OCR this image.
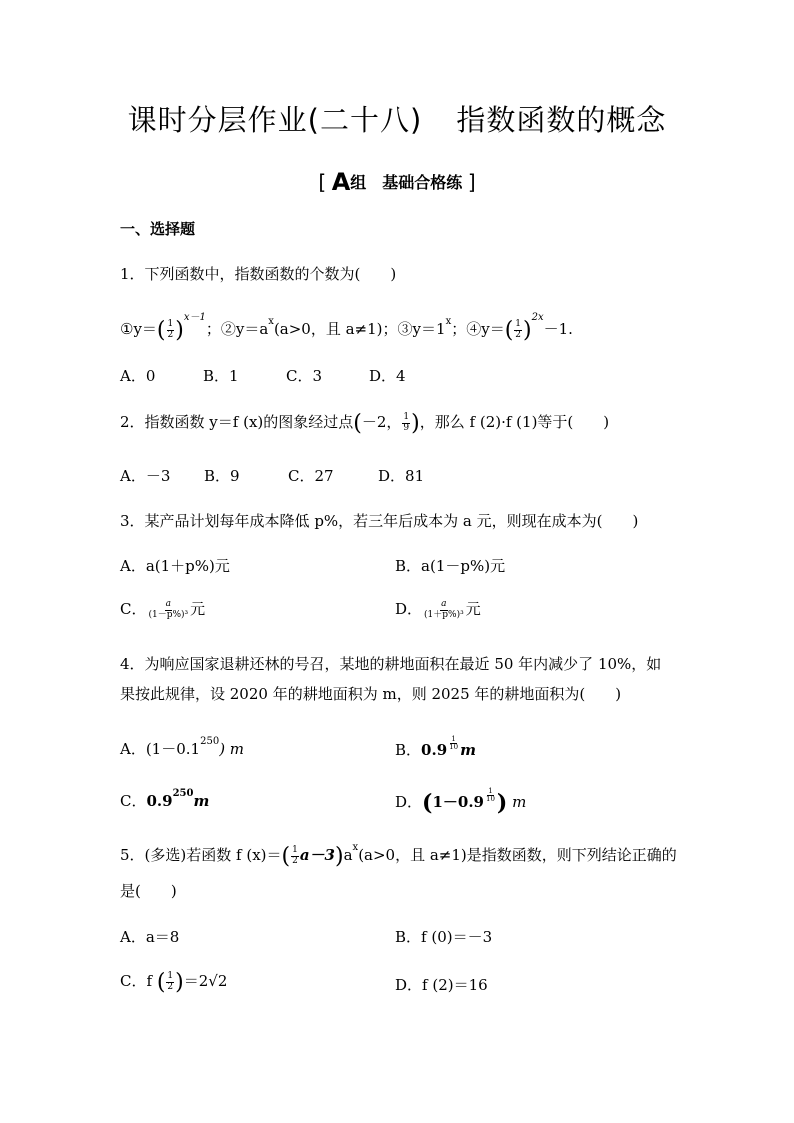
课时分层作业(二十八) 指数函数的概念
[ A组　基础合格练 ]
一、选择题
1．下列函数中，指数函数的个数为(　　)
①y＝( $\frac{1}{2} )^{x-1}$；$②y=a^x(a>0$，且 a≠1)；$③y=1^x$；④y＝( $\frac{1}{2} )^{2x}-1$.
A．0	B．1	C．3	D．4
2．指数函数 y＝f (x)的图象经过点(－2， $\frac{1}{9}$ )，那么 f (2)·f (1)等于(　　)
A．－3 B．9	C．27	D．81
3．某产品计划每年成本降低 p%，若三年后成本为 a 元，则现在成本为(　　)
A．a(1＋p%)元	B．a(1－p%)元
C． $\frac{a}{\text{(1－p\%)³}}$ 元	D． $\frac{a}{\text{(1＋p\%)³}}$ 元
4．为响应国家退耕还林的号召，某地的耕地面积在最近 50 年内减少了 10%，如
果按此规律，设 2020 年的耕地面积为 m，则 2025 年的耕地面积为(　　)
A．$(1-0.1^{250})$ m	B．$0.9 \frac{1}{10}$ m
C．$0.9^{250}m$	D．($1-0.9 \frac{1}{10}$ ) m
5．(多选)若函数 f $(x)=( \frac{1}{2} a-3)a^x(a>0$，且 a≠1)是指数函数，则下列结论正确的
是(　　)
A．a＝8	B．f (0)＝－3
C．f ( $\frac{1}{2} )=2√2$	D．f (2)＝16
